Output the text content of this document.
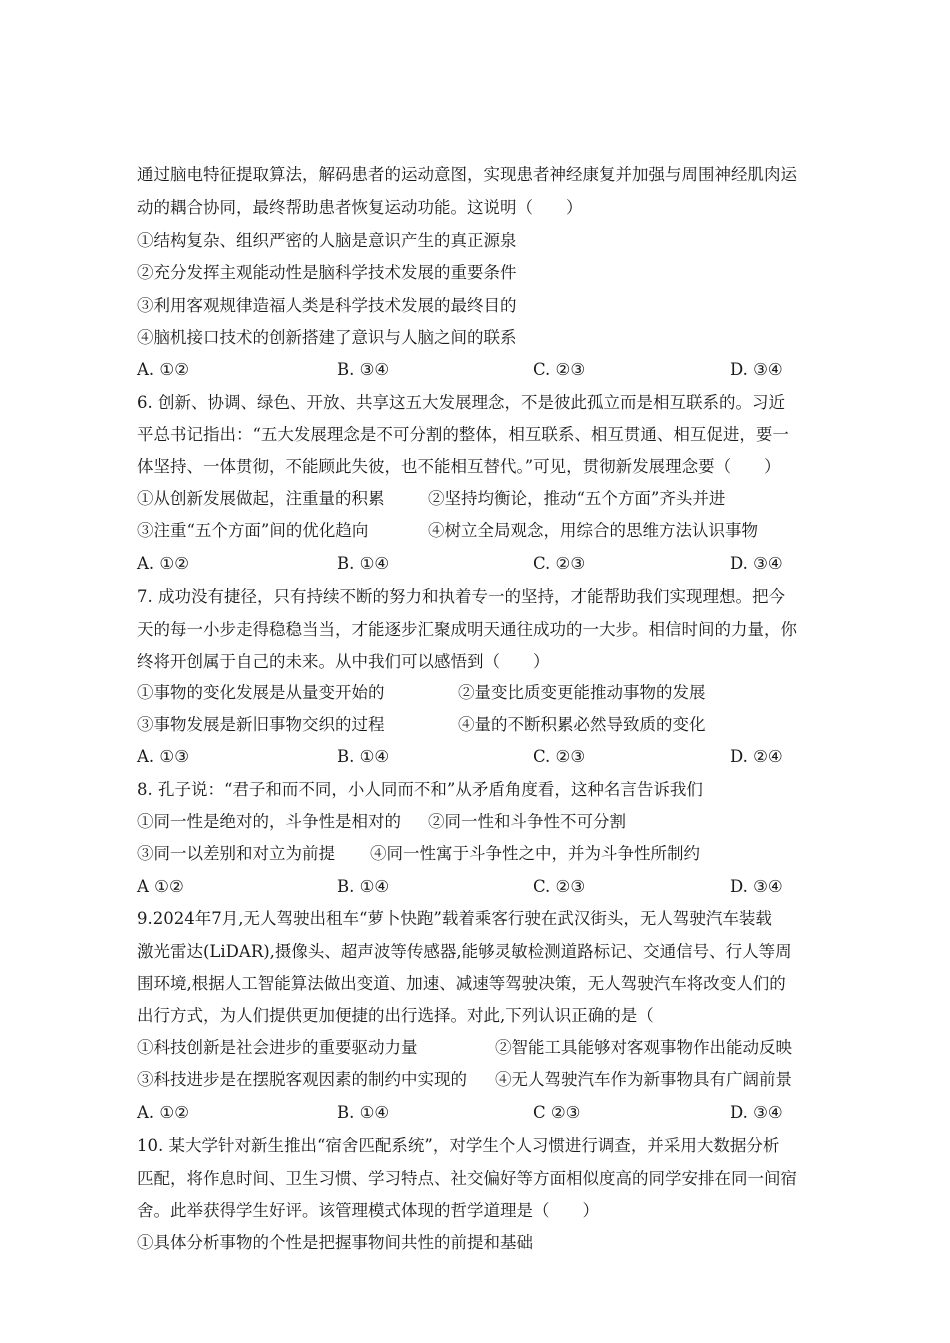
通过脑电特征提取算法，解码患者的运动意图，实现患者神经康复并加强与周围神经肌肉运
动的耦合协同，最终帮助患者恢复运动功能。这说明（　　）
①结构复杂、组织严密的人脑是意识产生的真正源泉
②充分发挥主观能动性是脑科学技术发展的重要条件
③利用客观规律造福人类是科学技术发展的最终目的
④脑机接口技术的创新搭建了意识与人脑之间的联系
A. ①②	B. ③④	C. ②③	D. ③④
6. 创新、协调、绿色、开放、共享这五大发展理念，不是彼此孤立而是相互联系的。习近
平总书记指出：“五大发展理念是不可分割的整体，相互联系、相互贯通、相互促进，要一
体坚持、一体贯彻，不能顾此失彼，也不能相互替代。”可见，贯彻新发展理念要（　　）
①从创新发展做起，注重量的积累	②坚持均衡论，推动“五个方面”齐头并进
③注重“五个方面”间的优化趋向	④树立全局观念，用综合的思维方法认识事物
A. ①②	B. ①④	C. ②③	D. ③④
7. 成功没有捷径，只有持续不断的努力和执着专一的坚持，才能帮助我们实现理想。把今
天的每一小步走得稳稳当当，才能逐步汇聚成明天通往成功的一大步。相信时间的力量，你
终将开创属于自己的未来。从中我们可以感悟到（　　）
①事物的变化发展是从量变开始的	②量变比质变更能推动事物的发展
③事物发展是新旧事物交织的过程	④量的不断积累必然导致质的变化
A. ①③	B. ①④	C. ②③	D. ②④
8. 孔子说：“君子和而不同，小人同而不和”从矛盾角度看，这种名言告诉我们
①同一性是绝对的，斗争性是相对的 ②同一性和斗争性不可分割
③同一以差别和对立为前提 ④同一性寓于斗争性之中，并为斗争性所制约
A ①②	B. ①④	C. ②③	D. ③④
9.2024年7月,无人驾驶出租车“萝卜快跑”载着乘客行驶在武汉街头，无人驾驶汽车装载
激光雷达(LiDAR),摄像头、超声波等传感器,能够灵敏检测道路标记、交通信号、行人等周
围环境,根据人工智能算法做出变道、加速、减速等驾驶决策，无人驾驶汽车将改变人们的
出行方式，为人们提供更加便捷的出行选择。对此,下列认识正确的是（
①科技创新是社会进步的重要驱动力量	②智能工具能够对客观事物作出能动反映
③科技进步是在摆脱客观因素的制约中实现的 ④无人驾驶汽车作为新事物具有广阔前景
A. ①②	B. ①④	C ②③	D. ③④
10. 某大学针对新生推出“宿舍匹配系统”，对学生个人习惯进行调查，并采用大数据分析
匹配，将作息时间、卫生习惯、学习特点、社交偏好等方面相似度高的同学安排在同一间宿
舍。此举获得学生好评。该管理模式体现的哲学道理是（　　）
①具体分析事物的个性是把握事物间共性的前提和基础
